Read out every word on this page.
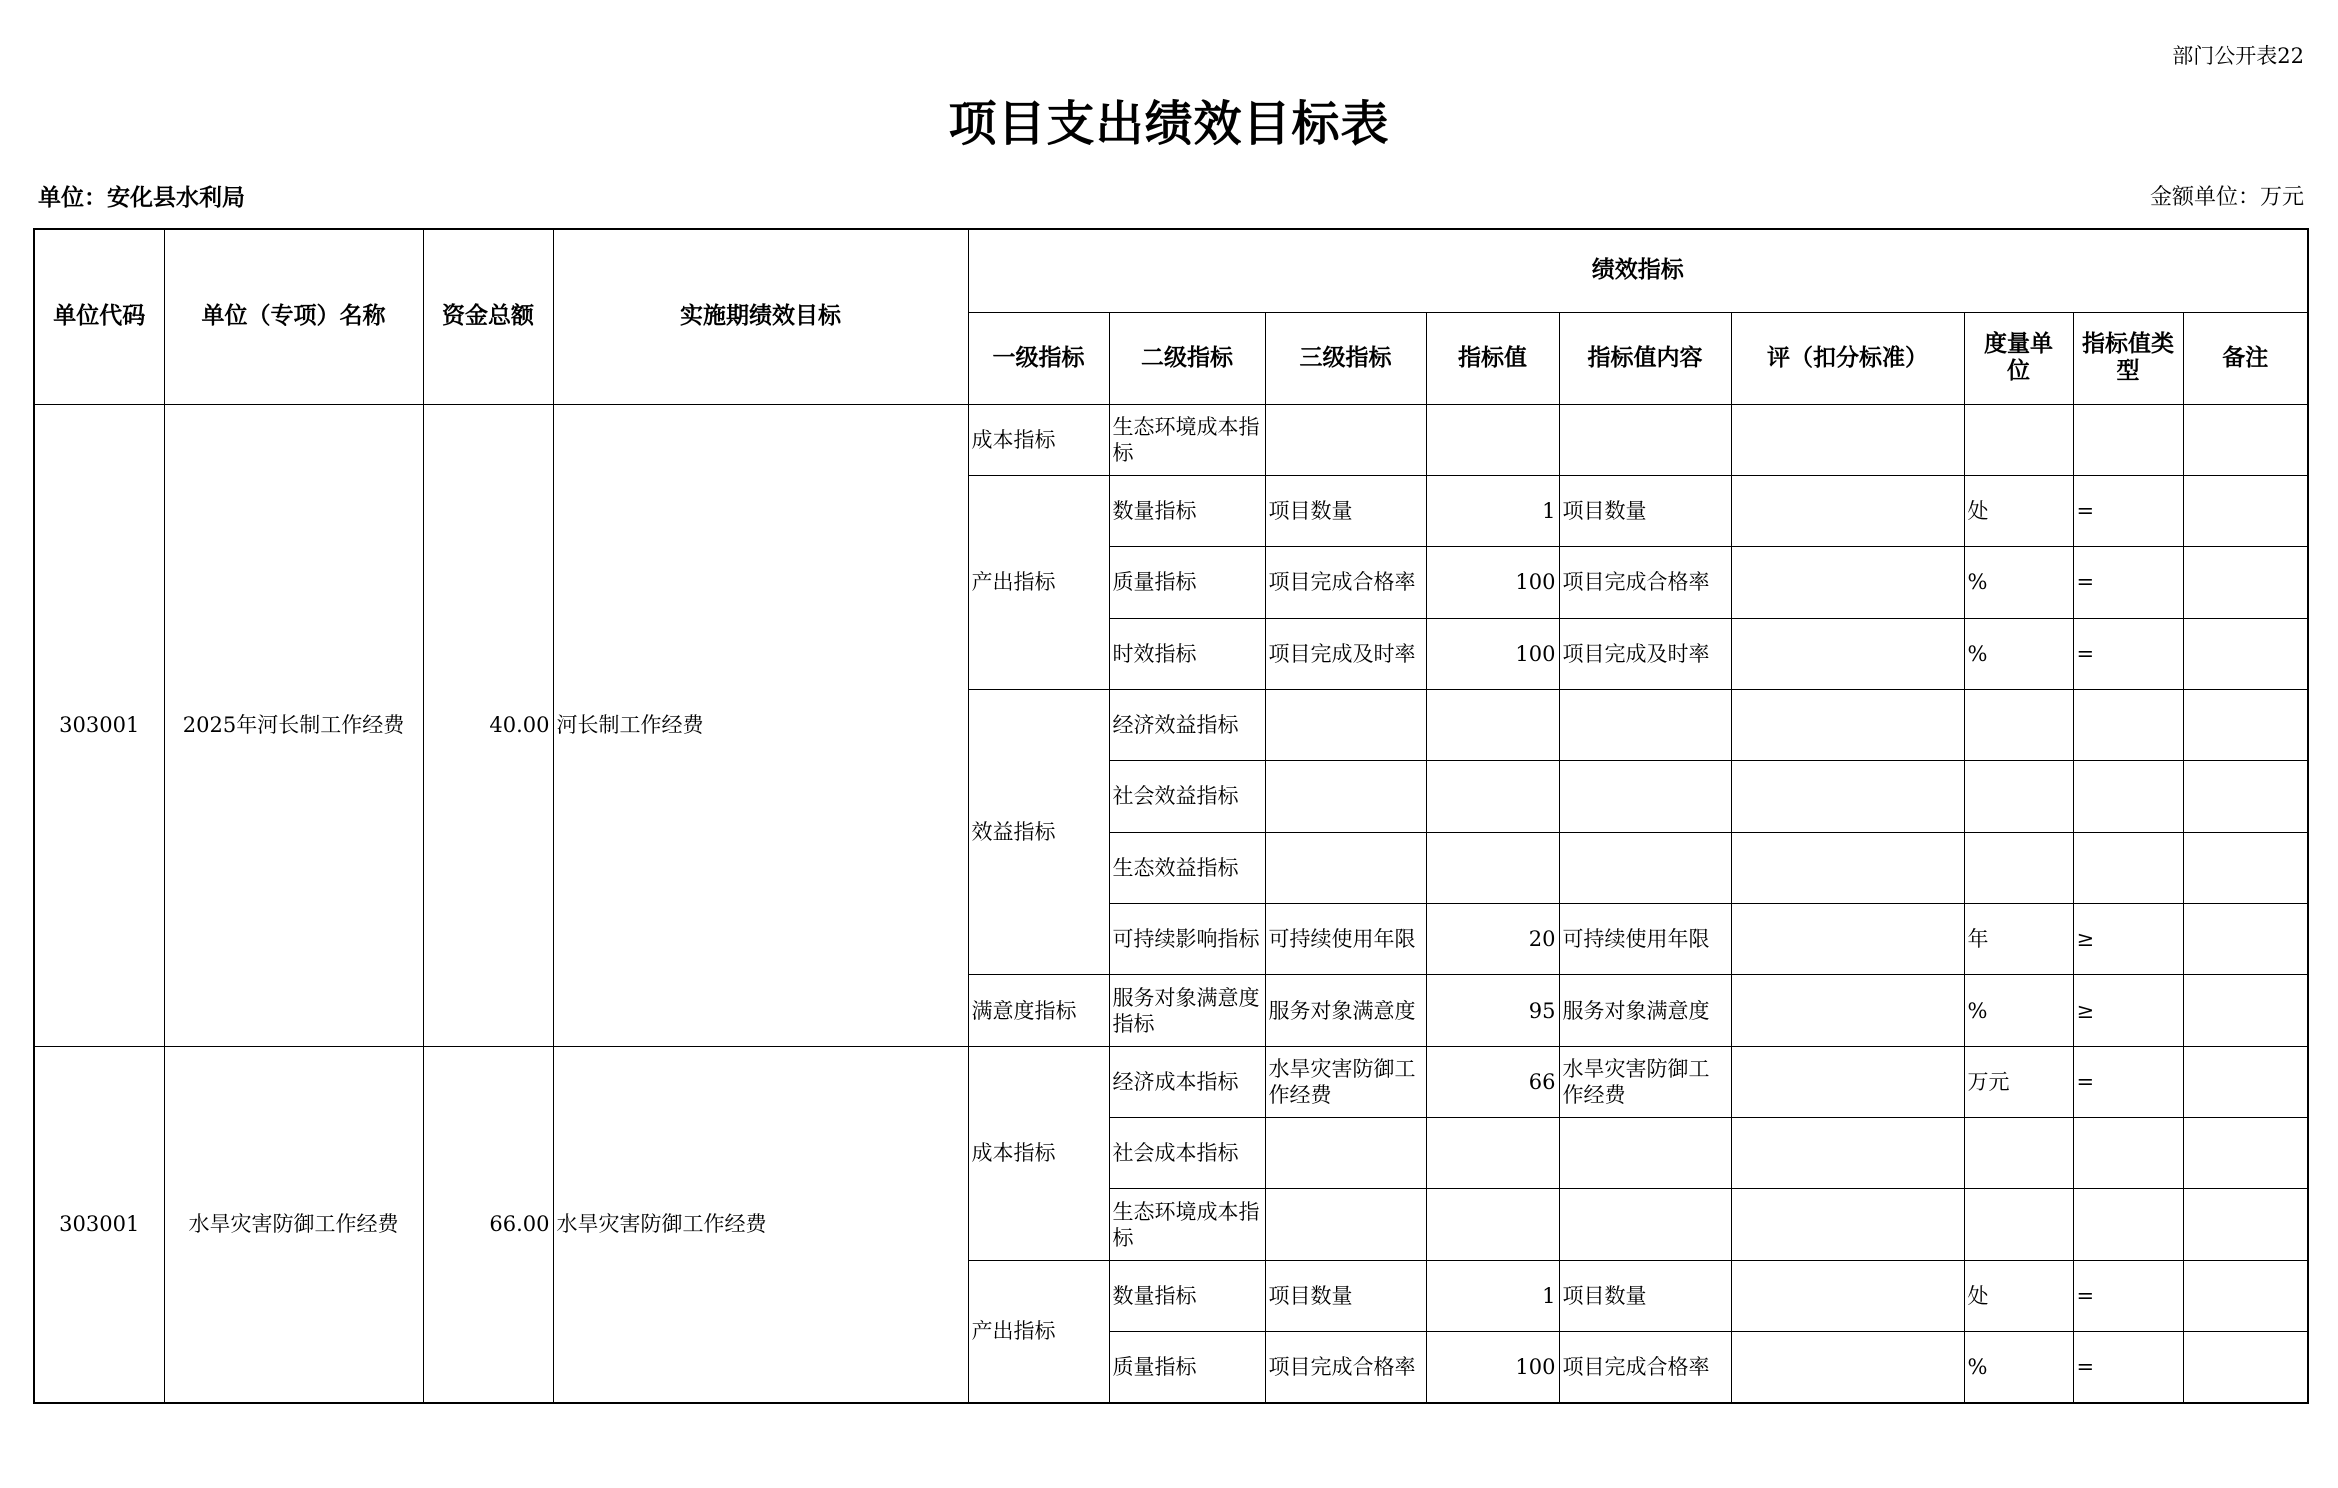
部门公开表22
项目支出绩效目标表
单位：安化县水利局	金额单位：万元
单位代码	单位（专项）名称	资金总额	实施期绩效目标	绩效指标								
				一级指标	二级指标	三级指标	指标值	指标值内容	评（扣分标准）	度量单位	指标值类型	备注
303001	2025年河长制工作经费	40.00	河长制工作经费	成本指标	生态环境成本指标							
				产出指标	数量指标	项目数量	1	项目数量		处	=	
					质量指标	项目完成合格率	100	项目完成合格率		%	=	
					时效指标	项目完成及时率	100	项目完成及时率		%	=	
				效益指标	经济效益指标							
					社会效益指标							
					生态效益指标							
					可持续影响指标	可持续使用年限	20	可持续使用年限		年	≥	
				满意度指标	服务对象满意度指标	服务对象满意度	95	服务对象满意度		%	≥	
303001	水旱灾害防御工作经费	66.00	水旱灾害防御工作经费	成本指标	经济成本指标	水旱灾害防御工作经费	66	水旱灾害防御工作经费		万元	=	
					社会成本指标							
					生态环境成本指标							
				产出指标	数量指标	项目数量	1	项目数量		处	=	
					质量指标	项目完成合格率	100	项目完成合格率		%	=	
